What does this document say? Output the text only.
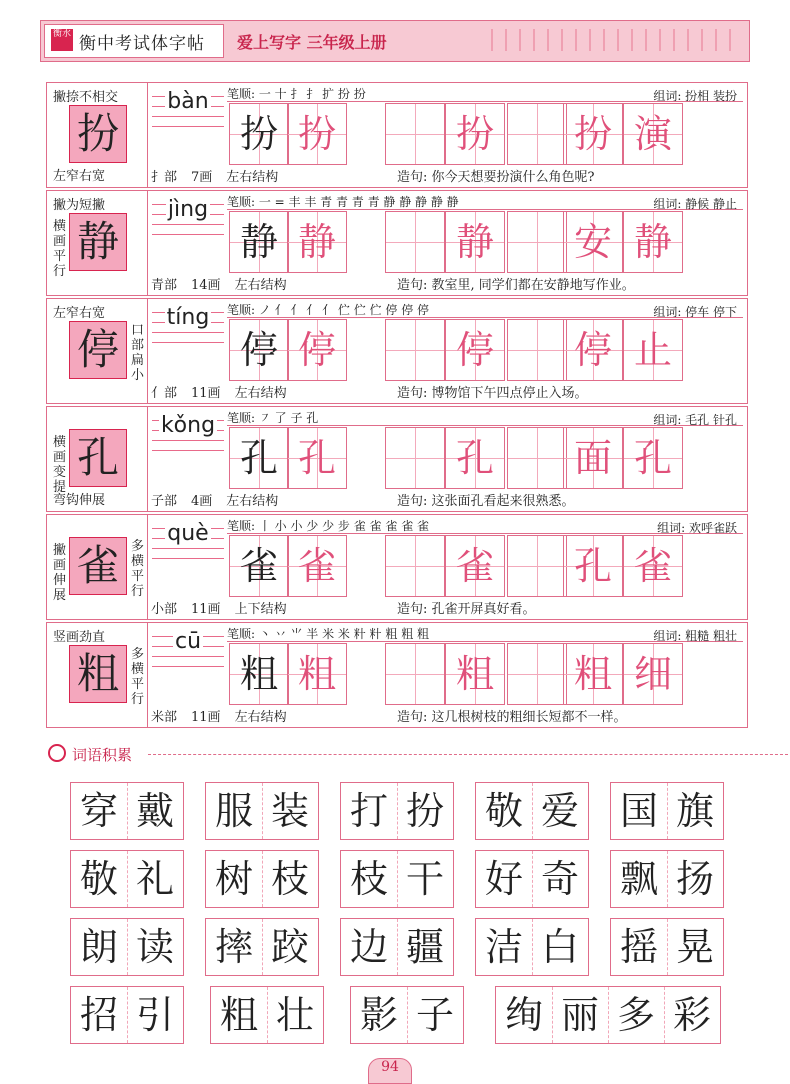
衡水 衡中考试体字帖 爱上写字 三年级上册
撇捺不相交
左窄右宽
扮
bàn	笔顺: 一 十 扌 扌 扩 扮 扮	组词: 扮相 装扮
扮 扮	扮 扮 演
扌部 7画 左右结构	造句: 你今天想要扮演什么角色呢?
撇为短撇
横画平行
静
jìng	笔顺: 一 = 丰 丰 青 青 青 青 静 静 静 静 静	组词: 静候 静止
静 静	静 安 静
青部 14画 左右结构	造句: 教室里, 同学们都在安静地写作业。
左窄右宽
口部扁小
停
tíng	笔顺: ノ 亻 亻 亻 亻 伫 伫 伫 停 停 停	组词: 停车 停下
停 停	停 停 止
亻部 11画 左右结构	造句: 博物馆下午四点停止入场。
弯钩伸展
横画变提
孔
kǒng 笔顺: ㇇ 了 子 孔	组词: 毛孔 针孔
孔 孔	孔 面 孔
子部 4画 左右结构	造句: 这张面孔看起来很熟悉。
撇画伸展
多横平行
雀
què	笔顺: 丨 小 小 少 少 步 雀 雀 雀 雀 雀	组词: 欢呼雀跃
雀 雀	雀 孔 雀
小部 11画 上下结构	造句: 孔雀开屏真好看。
竖画劲直
多横平行
粗
cū	笔顺: 丶 丷 ⺌ 半 米 米 籵 籵 粗 粗 粗	组词: 粗糙 粗壮
粗 粗	粗 粗 细
米部 11画 左右结构	造句: 这几根树枝的粗细长短都不一样。
词语积累
穿 戴 服 装 打 扮 敬 爱 国 旗
敬 礼 树 枝 枝 干 好 奇 飘 扬
朗 读 摔 跤 边 疆 洁 白 摇 晃
招 引 粗 壮 影 子 绚 丽 多 彩
94
